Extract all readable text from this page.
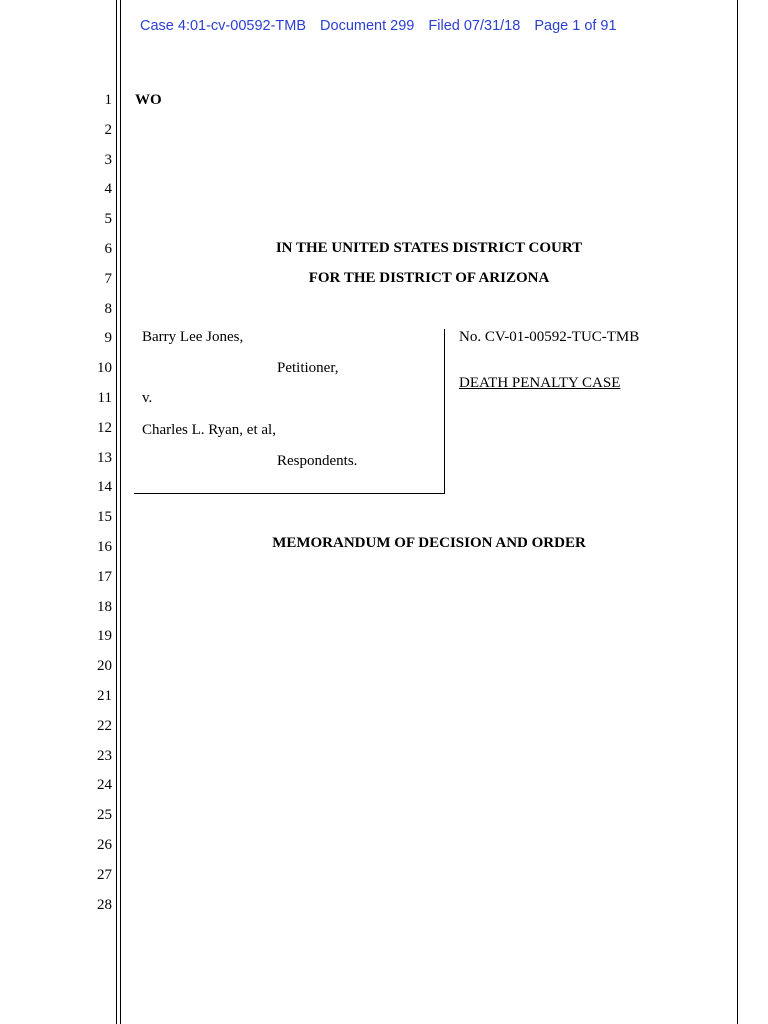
Case 4:01-cv-00592-TMB Document 299 Filed 07/31/18 Page 1 of 91
1
2
3
4
5
6
7
8
9
10
11
12
13
14
15
16
17
18
19
20
21
22
23
24
25
26
27
28
WO
IN THE UNITED STATES DISTRICT COURT
FOR THE DISTRICT OF ARIZONA
Barry Lee Jones,
Petitioner,
v.
Charles L. Ryan, et al,
Respondents.
No. CV-01-00592-TUC-TMB
DEATH PENALTY CASE
MEMORANDUM OF DECISION AND ORDER
